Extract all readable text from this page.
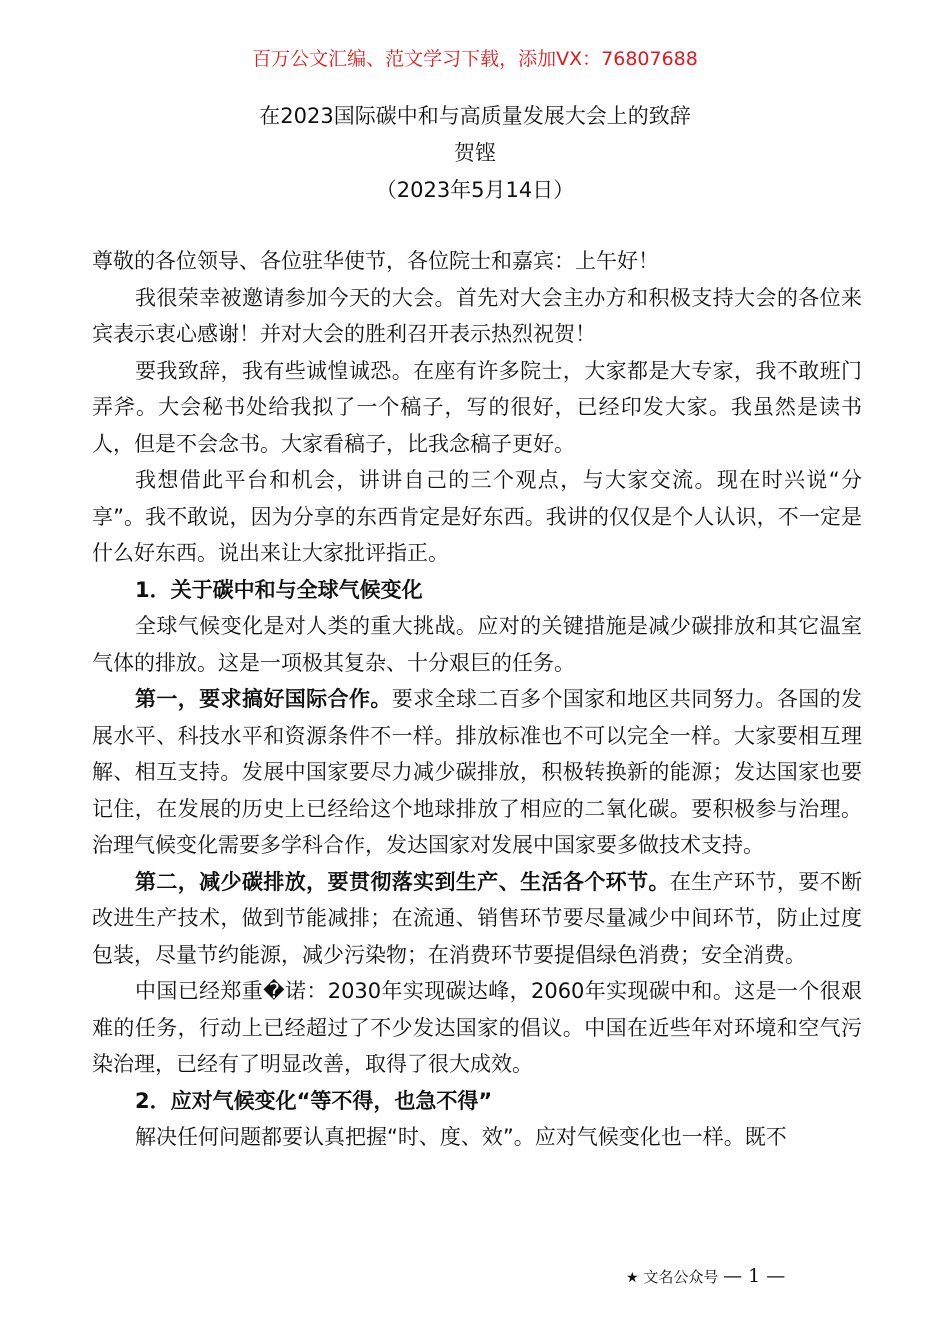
百万公文汇编、范文学习下载，添加VX：76807688
在2023国际碳中和与高质量发展大会上的致辞
贺铿
（2023年5月14日）

尊敬的各位领导、各位驻华使节，各位院士和嘉宾：上午好！

我很荣幸被邀请参加今天的大会。首先对大会主办方和积极支持大会的各位来宾表示衷心感谢！并对大会的胜利召开表示热烈祝贺！

要我致辞，我有些诚惶诚恐。在座有许多院士，大家都是大专家，我不敢班门弄斧。大会秘书处给我拟了一个稿子，写的很好，已经印发大家。我虽然是读书人，但是不会念书。大家看稿子，比我念稿子更好。

我想借此平台和机会，讲讲自己的三个观点，与大家交流。现在时兴说“分享”。我不敢说，因为分享的东西肯定是好东西。我讲的仅仅是个人认识，不一定是什么好东西。说出来让大家批评指正。

1．关于碳中和与全球气候变化

全球气候变化是对人类的重大挑战。应对的关键措施是减少碳排放和其它温室气体的排放。这是一项极其复杂、十分艰巨的任务。

第一，要求搞好国际合作。要求全球二百多个国家和地区共同努力。各国的发展水平、科技水平和资源条件不一样。排放标准也不可以完全一样。大家要相互理解、相互支持。发展中国家要尽力减少碳排放，积极转换新的能源；发达国家也要记住，在发展的历史上已经给这个地球排放了相应的二氧化碳。要积极参与治理。治理气候变化需要多学科合作，发达国家对发展中国家要多做技术支持。

第二，减少碳排放，要贯彻落实到生产、生活各个环节。在生产环节，要不断改进生产技术，做到节能减排；在流通、销售环节要尽量减少中间环节，防止过度包装，尽量节约能源，减少污染物；在消费环节要提倡绿色消费；安全消费。

中国已经郑重�诺：2030年实现碳达峰，2060年实现碳中和。这是一个很艰难的任务，行动上已经超过了不少发达国家的倡议。中国在近些年对环境和空气污染治理，已经有了明显改善，取得了很大成效。

2．应对气候变化“等不得，也急不得”

解决任何问题都要认真把握“时、度、效”。应对气候变化也一样。既不

★ 文名公众号 — 1 —
